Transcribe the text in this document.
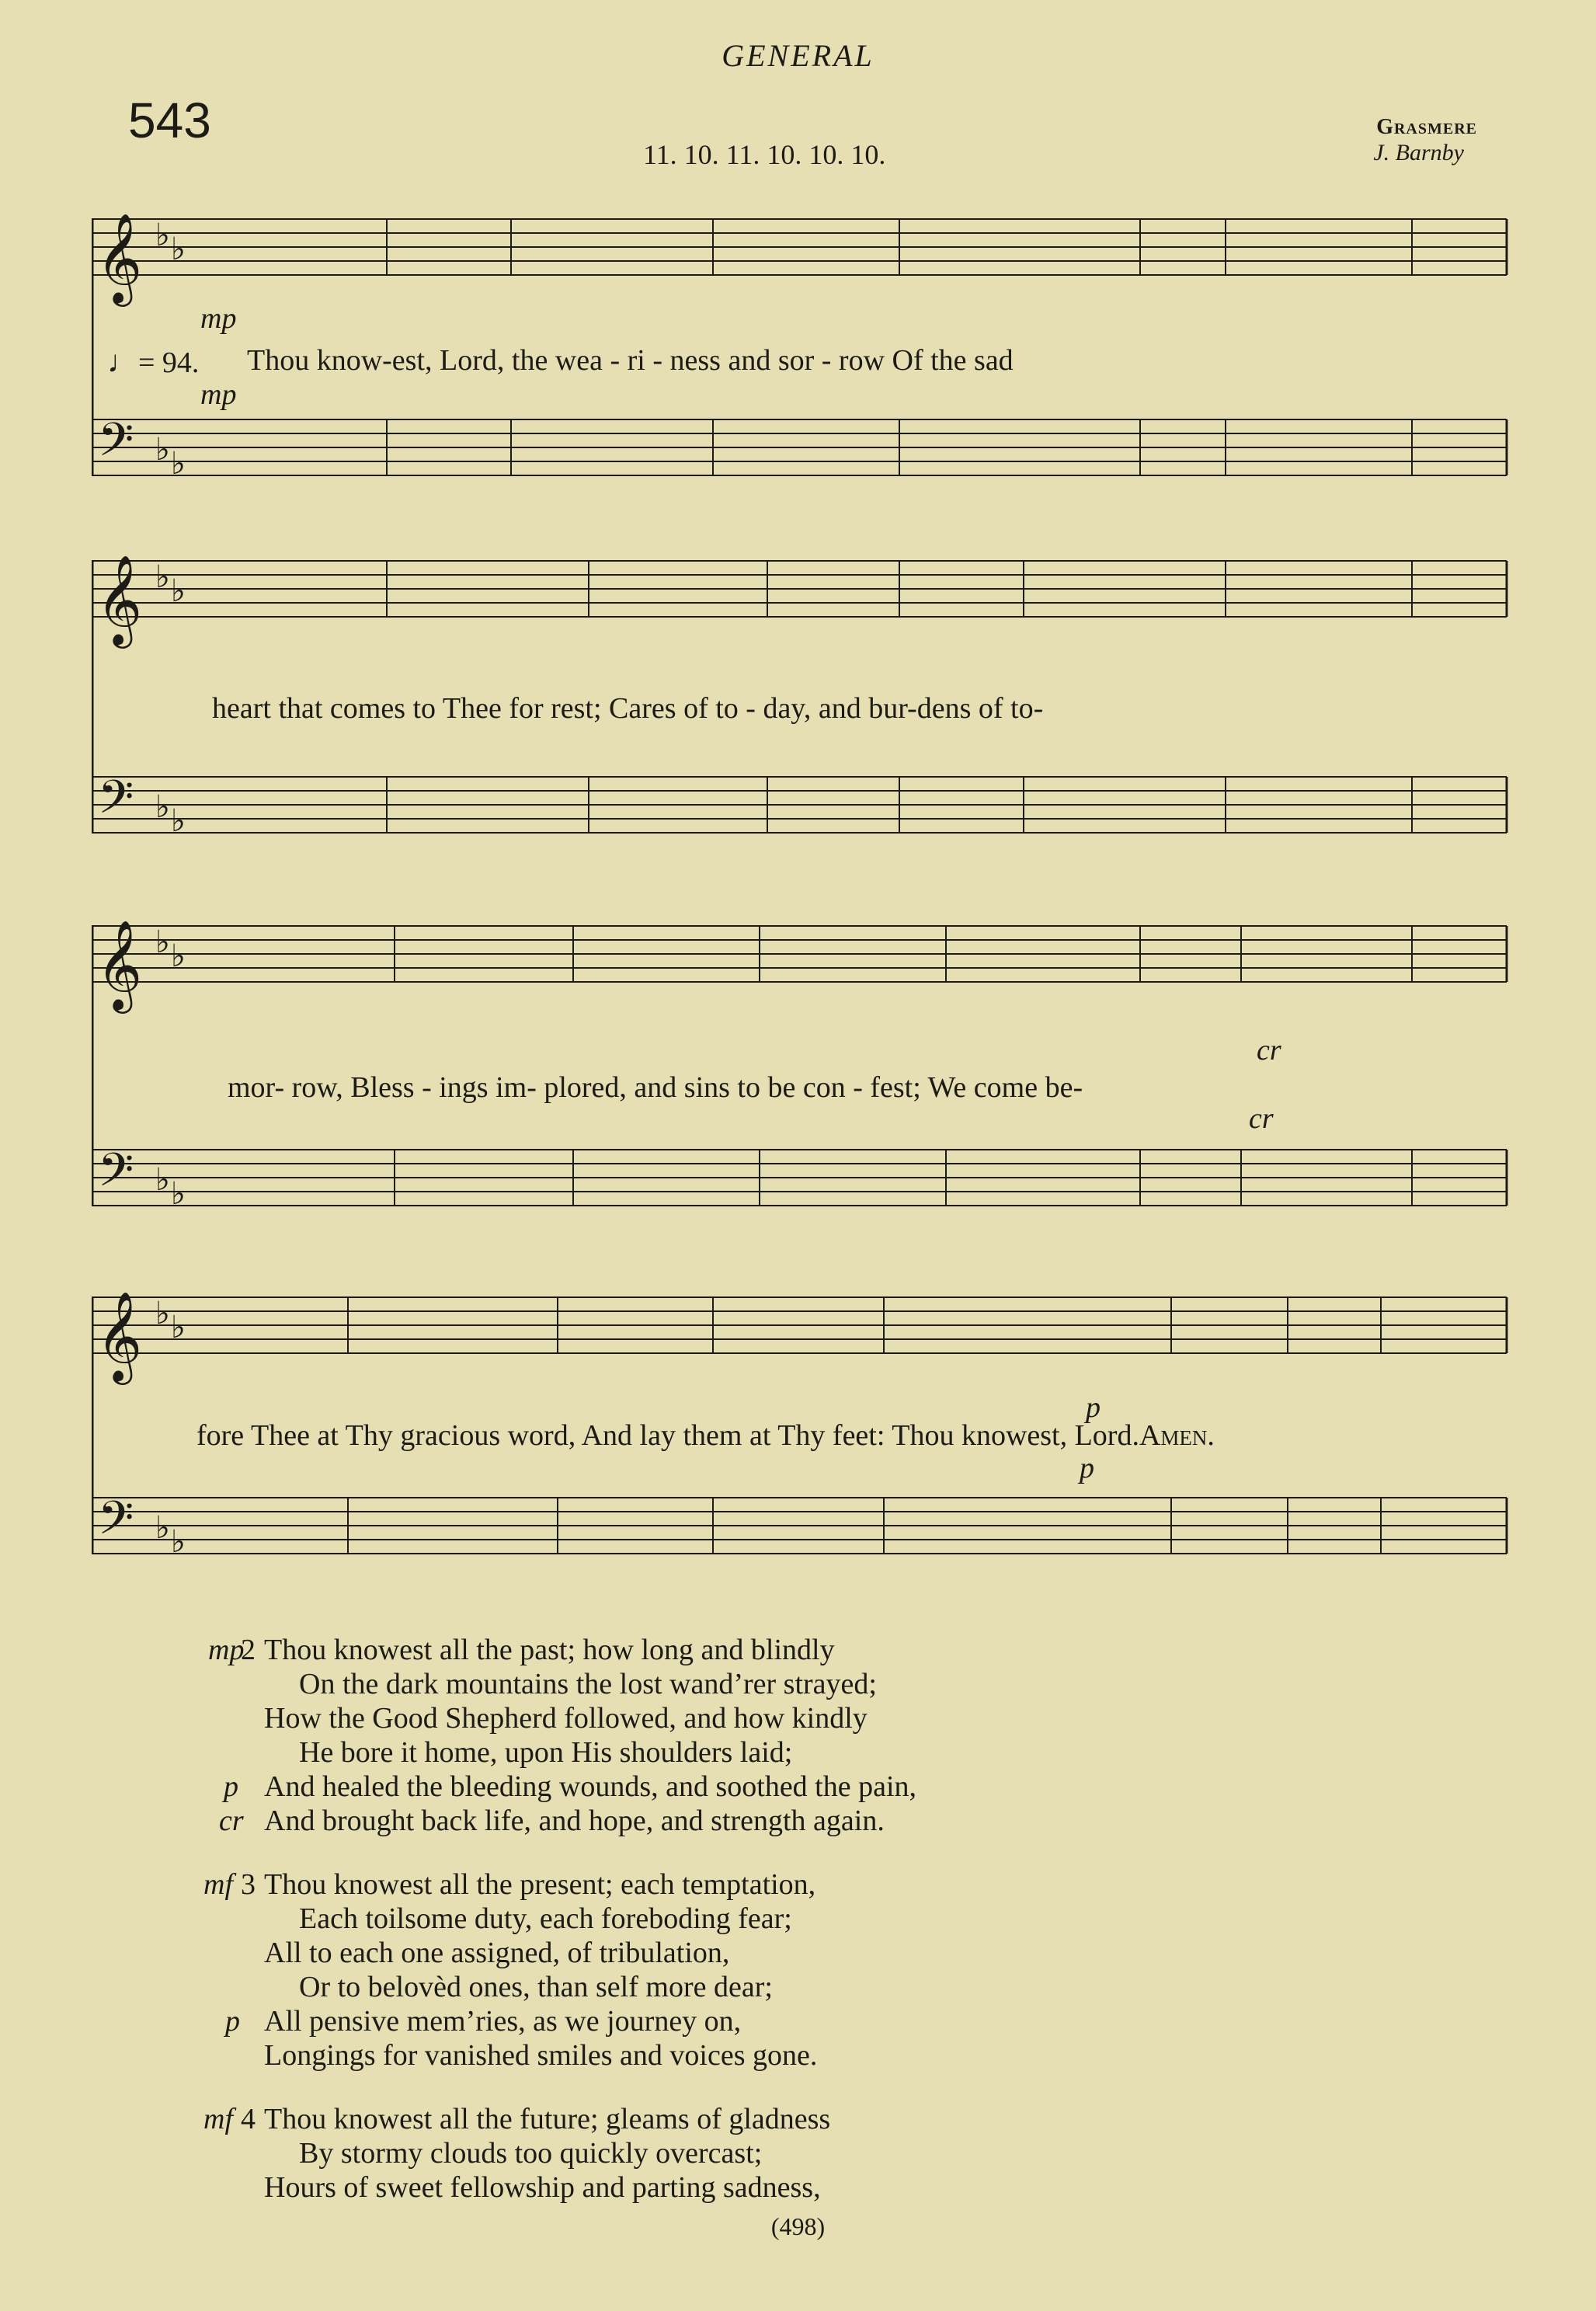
GENERAL
543
11. 10. 11. 10. 10. 10.
Grasmere
J. Barnby
𝄞
𝄢
♭ ♭
♭ ♭
mp
♩= 94. Thou know-est, Lord, the wea - ri - ness and sor - row Of the sad
mp
𝄞
𝄢
♭ ♭
♭ ♭
heart that comes to Thee for rest; Cares of to - day, and bur-dens of to-
𝄞
𝄢
♭ ♭
♭ ♭
cr
mor- row, Bless - ings im- plored, and sins to be con - fest; We come be-
cr
𝄞
𝄢
♭ ♭
♭ ♭
p
fore Thee at Thy gracious word, And lay them at Thy feet: Thou knowest, Lord.Amen.
p
mp
2 Thou knowest all the past; how long and blindly
On the dark mountains the lost wand’rer strayed;
How the Good Shepherd followed, and how kindly
He bore it home, upon His shoulders laid;
p And healed the bleeding wounds, and soothed the pain,
cr And brought back life, and hope, and strength again.
mf 3 Thou knowest all the present; each temptation,
Each toilsome duty, each foreboding fear;
All to each one assigned, of tribulation,
Or to belovèd ones, than self more dear;
p All pensive mem’ries, as we journey on,
Longings for vanished smiles and voices gone.
mf 4 Thou knowest all the future; gleams of gladness
By stormy clouds too quickly overcast;
Hours of sweet fellowship and parting sadness,
(498)
